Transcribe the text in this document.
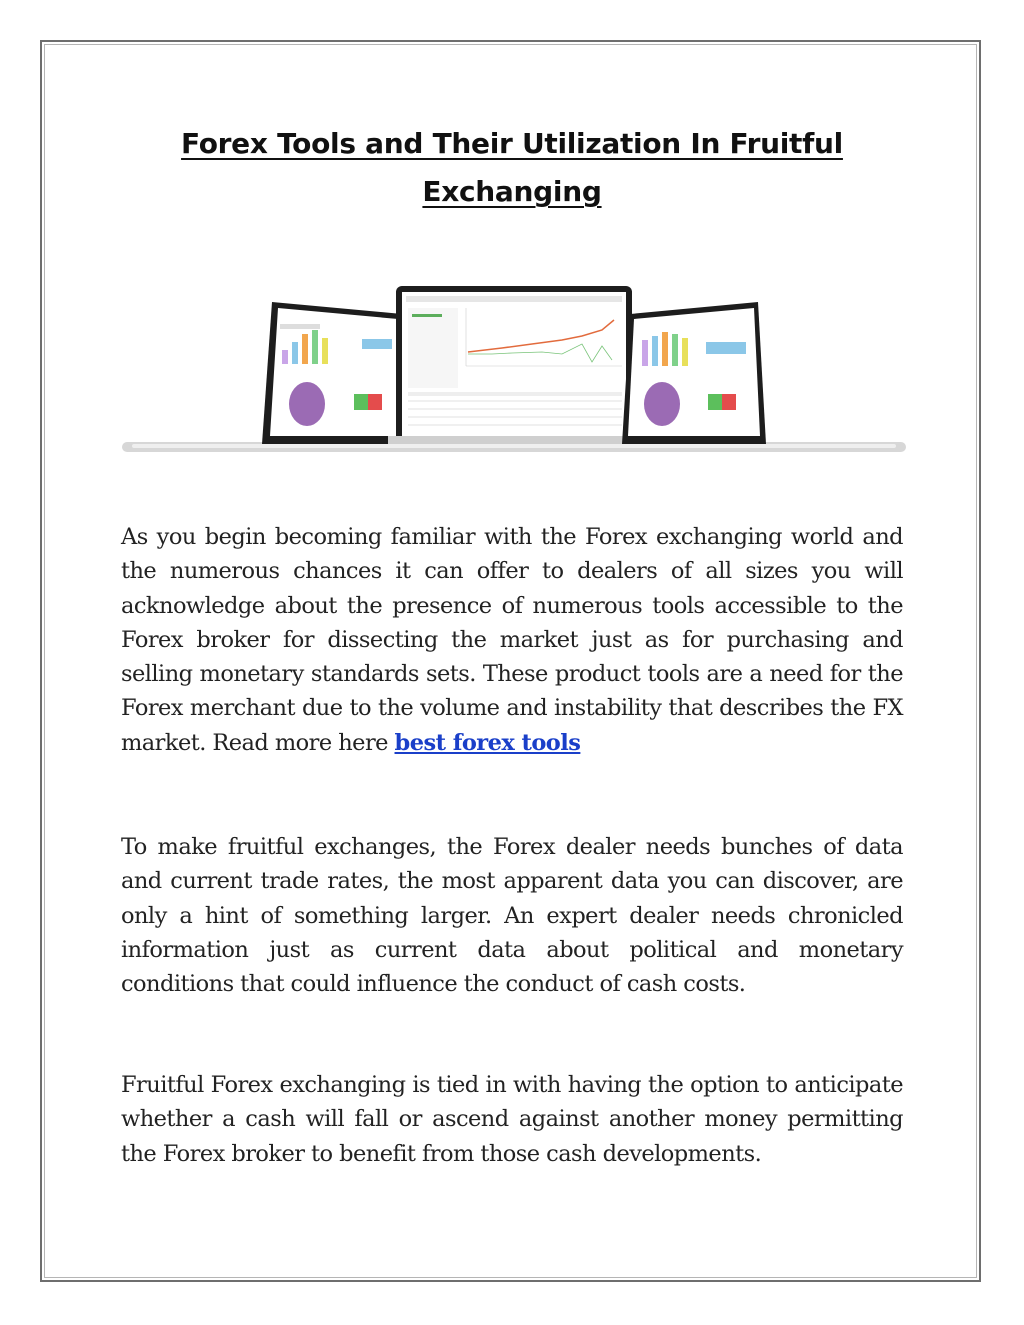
Forex Tools and Their Utilization In Fruitful Exchanging

As you begin becoming familiar with the Forex exchanging world and the numerous chances it can offer to dealers of all sizes you will acknowledge about the presence of numerous tools accessible to the Forex broker for dissecting the market just as for purchasing and selling monetary standards sets. These product tools are a need for the Forex merchant due to the volume and instability that describes the FX market. Read more here best forex tools

To make fruitful exchanges, the Forex dealer needs bunches of data and current trade rates, the most apparent data you can discover, are only a hint of something larger. An expert dealer needs chronicled information just as current data about political and monetary conditions that could influence the conduct of cash costs.

Fruitful Forex exchanging is tied in with having the option to anticipate whether a cash will fall or ascend against another money permitting the Forex broker to benefit from those cash developments.
